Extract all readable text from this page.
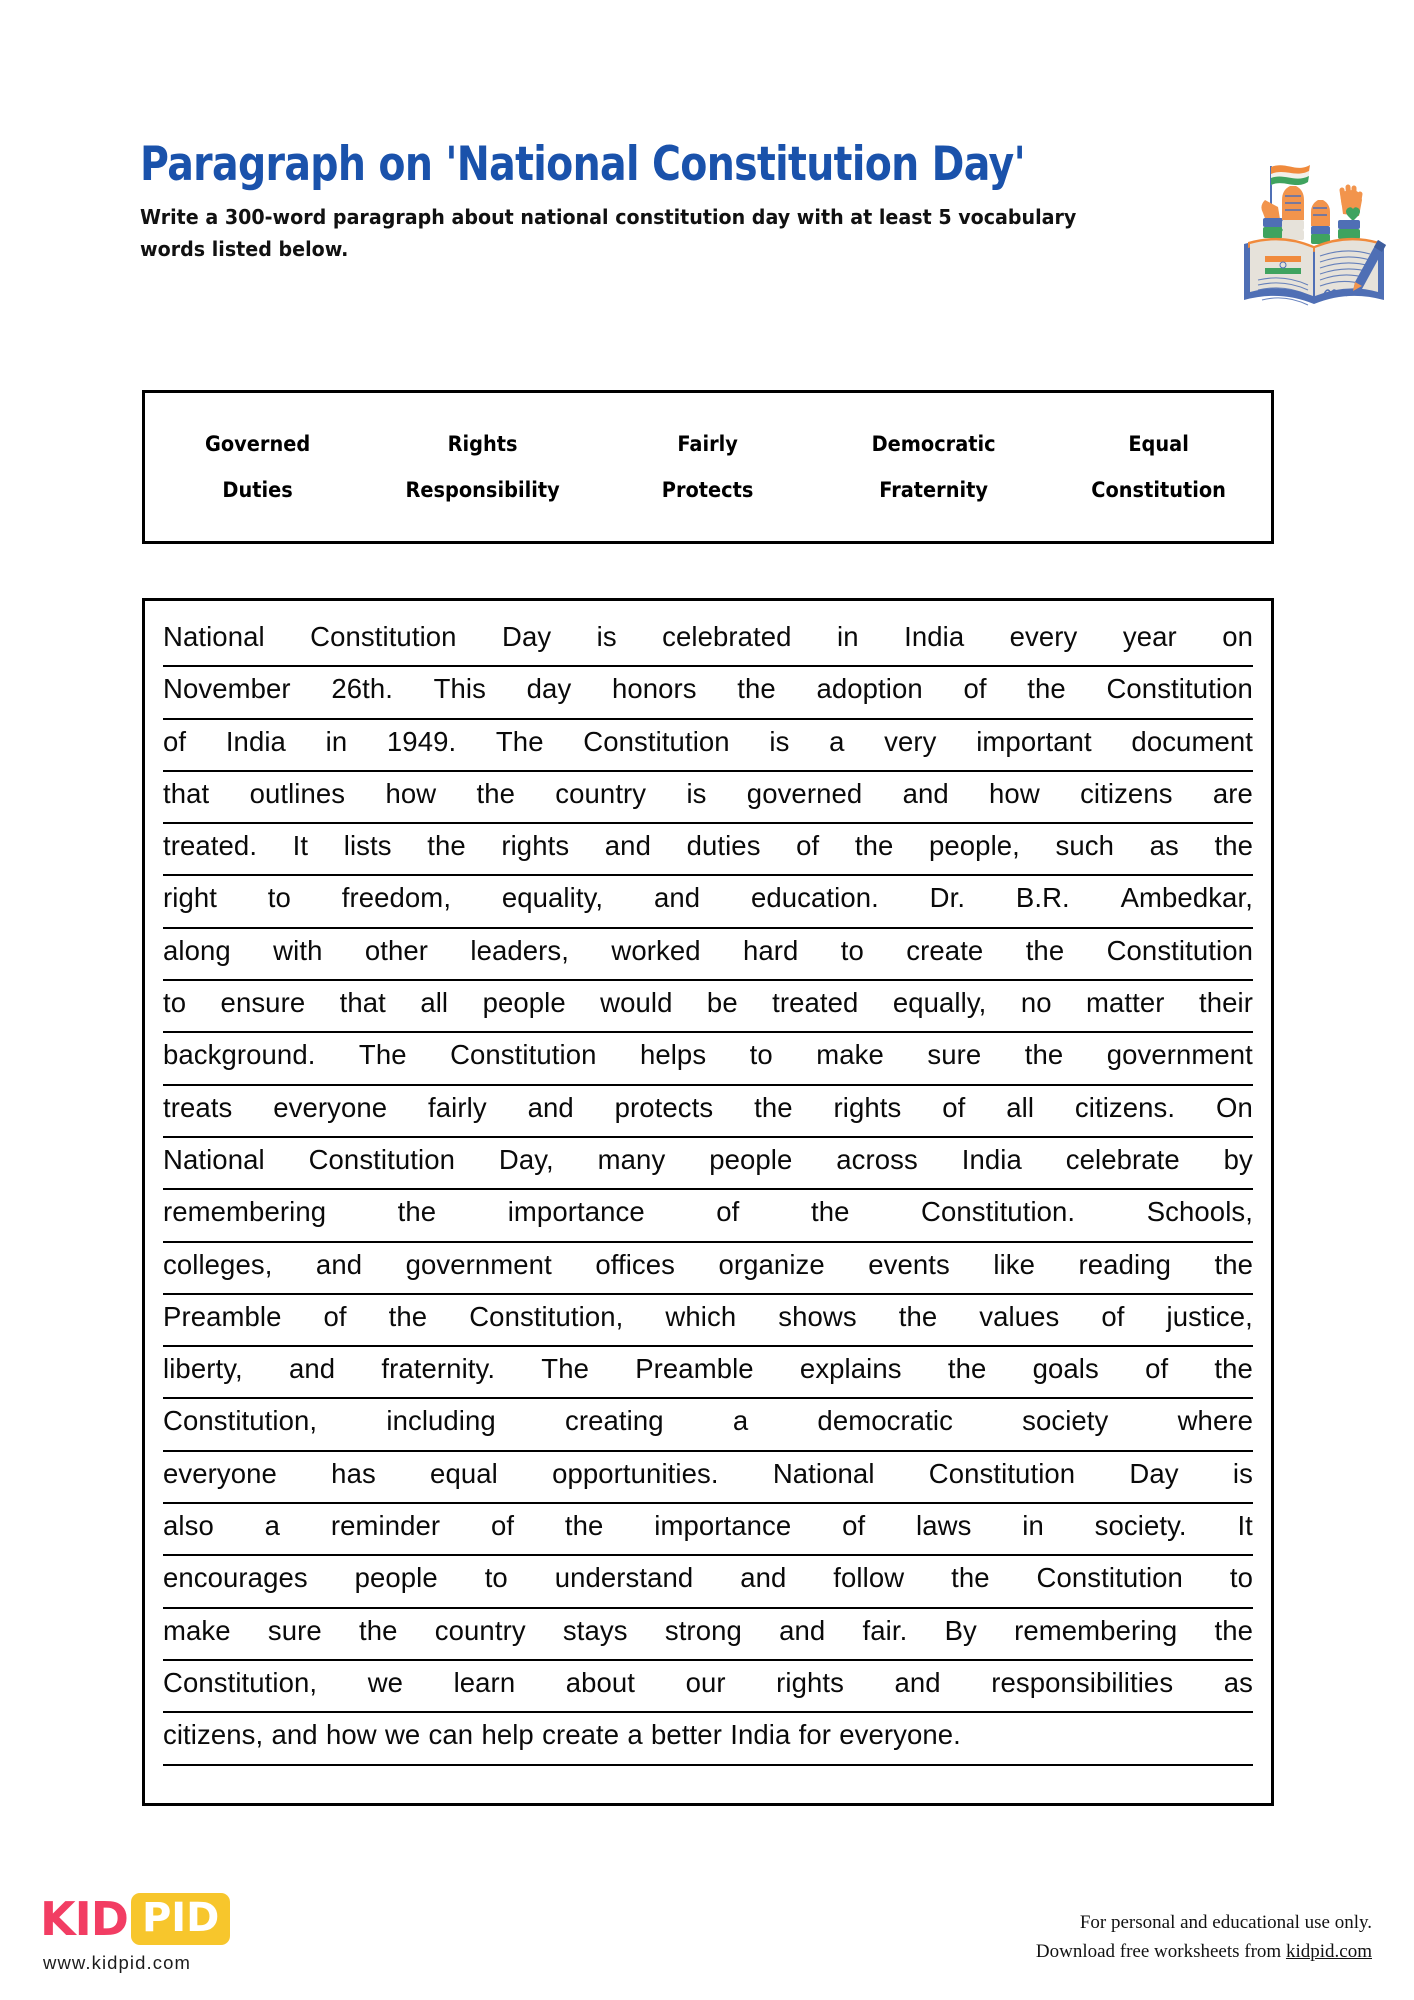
Paragraph on 'National Constitution Day'
Write a 300-word paragraph about national constitution day with at least 5 vocabulary words listed below.
Governed	Rights	Fairly	Democratic	Equal
Duties	Responsibility	Protects	Fraternity	Constitution
National Constitution Day is celebrated in India every year on
November 26th. This day honors the adoption of the Constitution
of India in 1949. The Constitution is a very important document
that outlines how the country is governed and how citizens are
treated. It lists the rights and duties of the people, such as the
right to freedom, equality, and education. Dr. B.R. Ambedkar,
along with other leaders, worked hard to create the Constitution
to ensure that all people would be treated equally, no matter their
background. The Constitution helps to make sure the government
treats everyone fairly and protects the rights of all citizens. On
National Constitution Day, many people across India celebrate by
remembering	the	importance	of	the	Constitution.	Schools,
colleges, and government offices organize events like reading the
Preamble of the Constitution, which shows the values of justice,
liberty, and fraternity. The Preamble explains the goals of the
Constitution,	including	creating	a	democratic	society	where
everyone has equal opportunities. National Constitution Day is
also a reminder of the importance of laws in society. It
encourages people to understand and follow the Constitution to
make sure the country stays strong and fair. By remembering the
Constitution, we learn about our rights and responsibilities as
citizens, and how we can help create a better India for everyone.
KID PID
www.kidpid.com
For personal and educational use only.
Download free worksheets from kidpid.com
